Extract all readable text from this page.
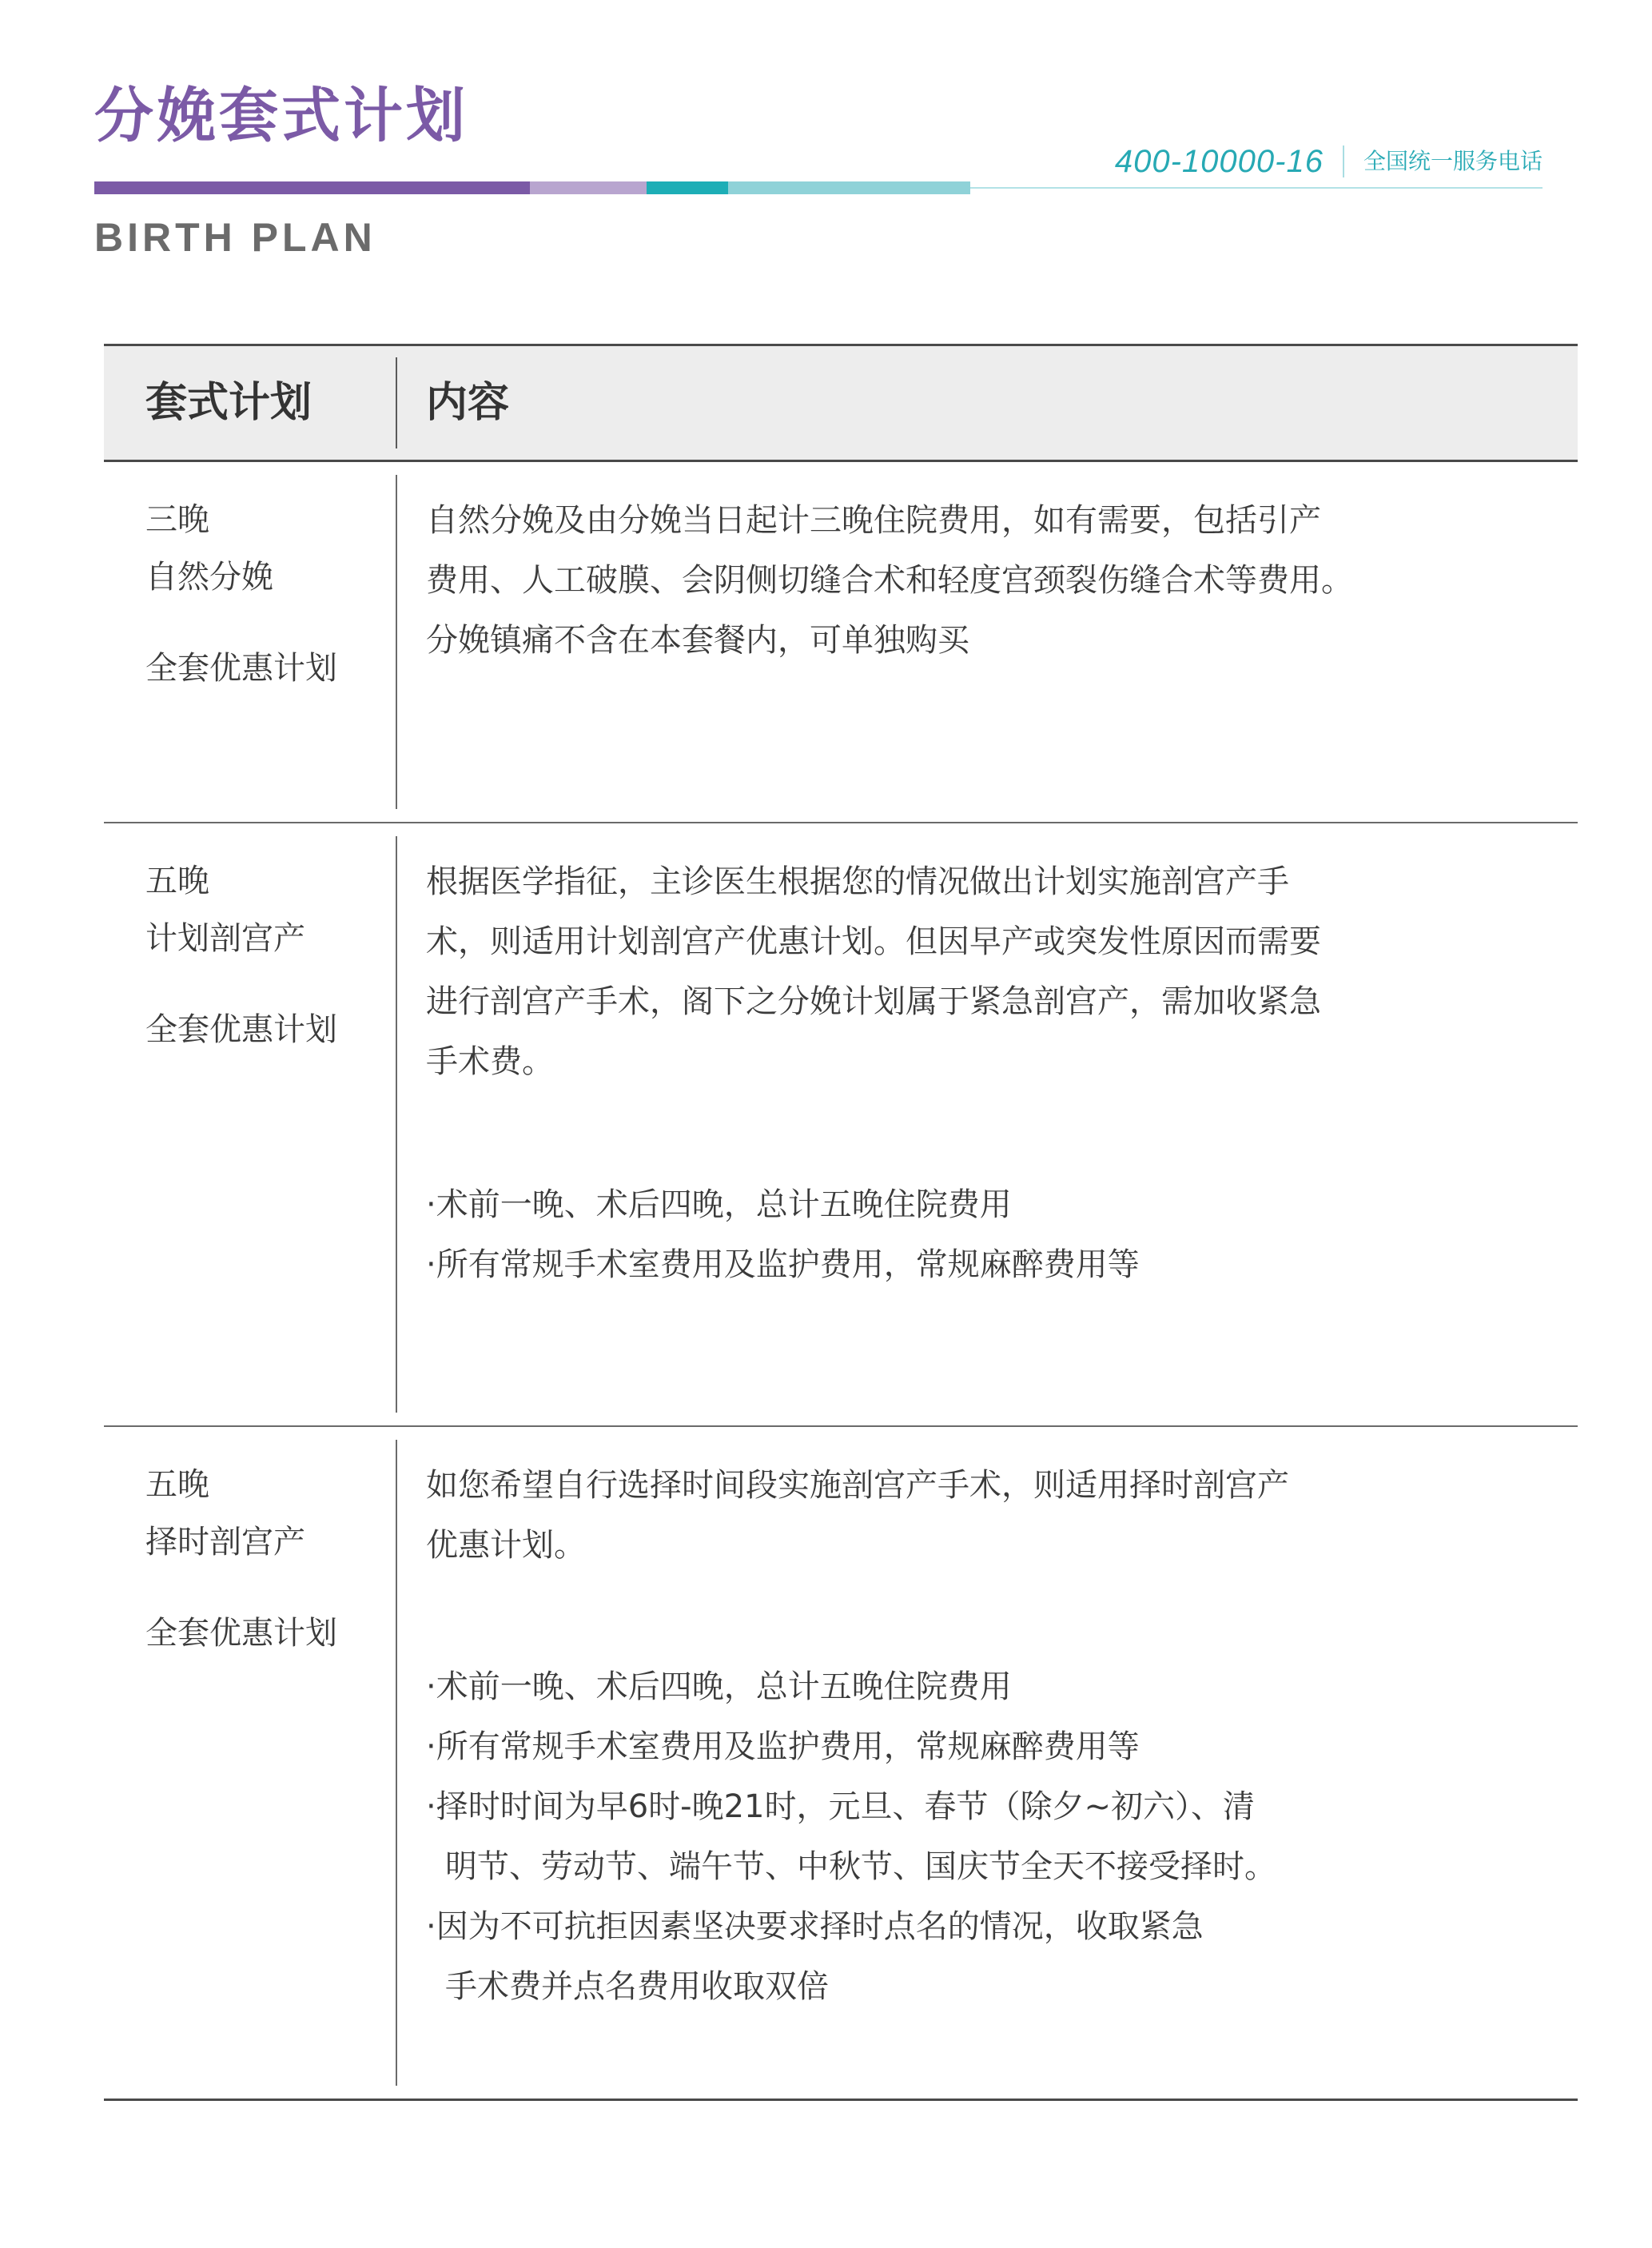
分娩套式计划
400-10000-16 全国统一服务电话
BIRTH PLAN
套式计划	内容
三晚
自然分娩
全套优惠计划

自然分娩及由分娩当日起计三晚住院费用，如有需要，包括引产

费用、人工破膜、会阴侧切缝合术和轻度宫颈裂伤缝合术等费用。

分娩镇痛不含在本套餐内，可单独购买

五晚
计划剖宫产
全套优惠计划

根据医学指征，主诊医生根据您的情况做出计划实施剖宫产手

术，则适用计划剖宫产优惠计划。但因早产或突发性原因而需要

进行剖宫产手术，阁下之分娩计划属于紧急剖宫产，需加收紧急

手术费。

·术前一晚、术后四晚，总计五晚住院费用

·所有常规手术室费用及监护费用，常规麻醉费用等

五晚
择时剖宫产
全套优惠计划

如您希望自行选择时间段实施剖宫产手术，则适用择时剖宫产

优惠计划。

·术前一晚、术后四晚，总计五晚住院费用

·所有常规手术室费用及监护费用，常规麻醉费用等

·择时时间为早6时-晚21时，元旦、春节（除夕~初六）、清

明节、劳动节、端午节、中秋节、国庆节全天不接受择时。

·因为不可抗拒因素坚决要求择时点名的情况，收取紧急

手术费并点名费用收取双倍
